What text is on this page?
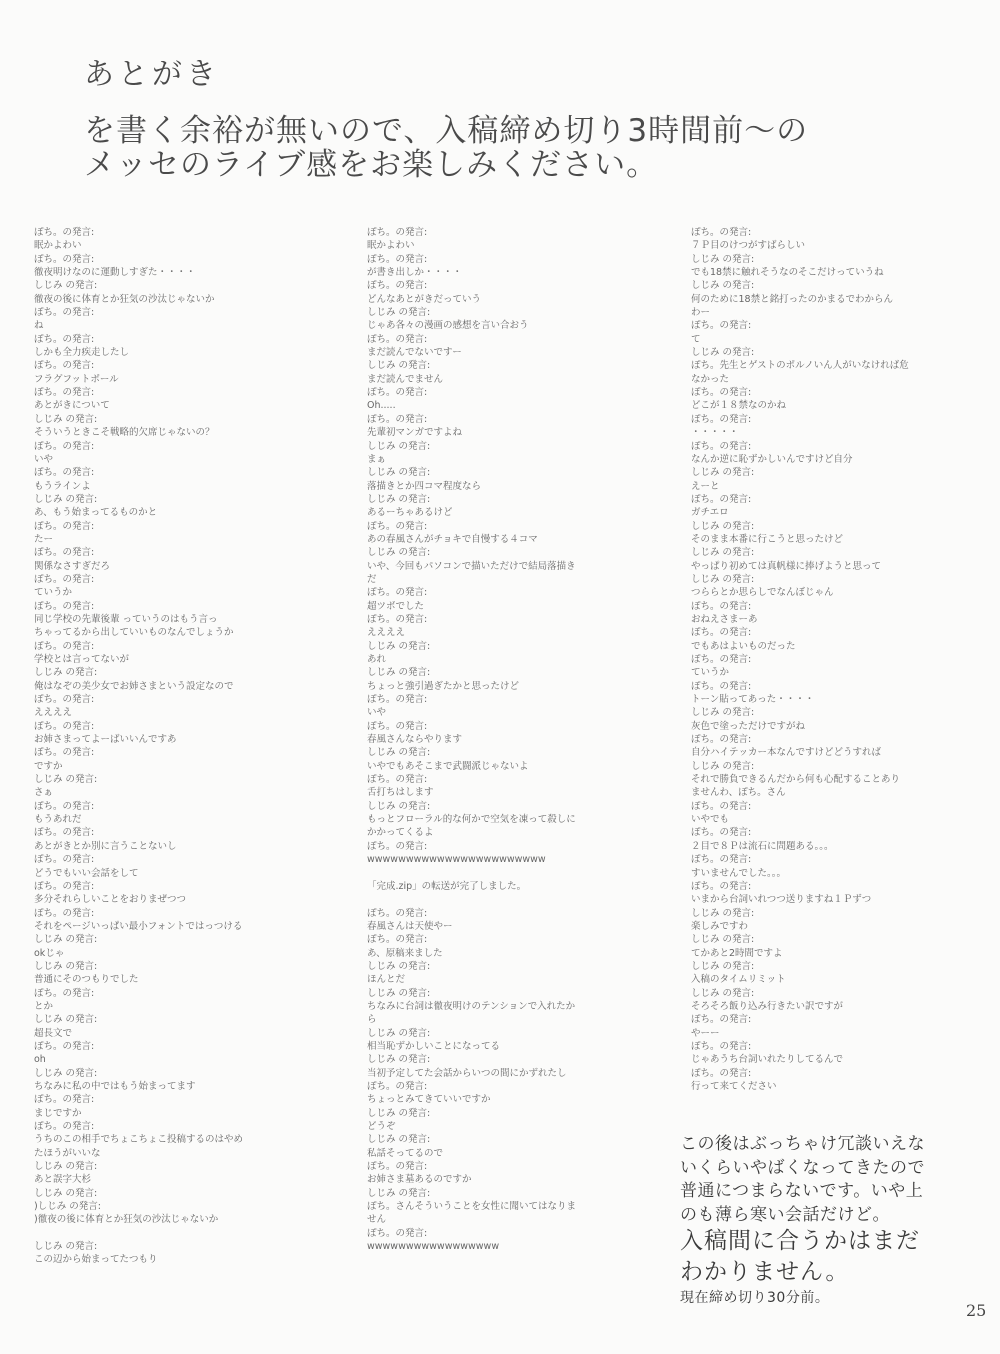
あとがき
を書く余裕が無いので、入稿締め切り3時間前～の
メッセのライブ感をお楽しみください。
ぽち。の発言:
眠かよわい
ぽち。の発言:
徹夜明けなのに運動しすぎた・・・・
しじみ の発言:
徹夜の後に体育とか狂気の沙汰じゃないか
ぽち。の発言:
ね
ぽち。の発言:
しかも全力疾走したし
ぽち。の発言:
フラグフットボール
ぽち。の発言:
あとがきについて
しじみ の発言:
そういうときこそ戦略的欠席じゃないの？
ぽち。の発言:
いや
ぽち。の発言:
もうラインよ
しじみ の発言:
あ、もう始まってるものかと
ぽち。の発言:
たー
ぽち。の発言:
関係なさすぎだろ
ぽち。の発言:
ていうか
ぽち。の発言:
同じ学校の先輩後輩 っていうのはもう言っ
ちゃってるから出していいものなんでしょうか
ぽち。の発言:
学校とは言ってないが
しじみ の発言:
俺はなぞの美少女でお姉さまという設定なので
ぽち。の発言:
ええええ
ぽち。の発言:
お姉さまってよーばいいんですあ
ぽち。の発言:
ですか
しじみ の発言:
さぁ
ぽち。の発言:
もうあれだ
ぽち。の発言:
あとがきとか別に言うことないし
ぽち。の発言:
どうでもいい会話をして
ぽち。の発言:
多分それらしいことをおりまぜつつ
ぽち。の発言:
それをページいっぱい最小フォントではっつける
しじみ の発言:
okじゃ
しじみ の発言:
普通にそのつもりでした
ぽち。の発言:
とか
しじみ の発言:
超長文で
ぽち。の発言:
oh
しじみ の発言:
ちなみに私の中ではもう始まってます
ぽち。の発言:
まじですか
ぽち。の発言:
うちのこの相手でちょこちょこ投稿するのはやめ
たほうがいいな
しじみ の発言:
あと誤字大杉
しじみ の発言:
)しじみ の発言:
)徹夜の後に体育とか狂気の沙汰じゃないか

しじみ の発言:
この辺から始まってたつもり
ぽち。の発言:
眠かよわい
ぽち。の発言:
が書き出しか・・・・
ぽち。の発言:
どんなあとがきだっていう
しじみ の発言:
じゃあ各々の漫画の感想を言い合おう
ぽち。の発言:
まだ読んでないですー
しじみ の発言:
まだ読んでません
ぽち。の発言:
Oh.....
ぽち。の発言:
先輩初マンガですよね
しじみ の発言:
まぁ
しじみ の発言:
落描きとか四コマ程度なら
しじみ の発言:
あるーちゃあるけど
ぽち。の発言:
あの春風さんがチョキで自慢する４コマ
しじみ の発言:
いや、今回もパソコンで描いただけで結局落描き
だ
ぽち。の発言:
超ツボでした
ぽち。の発言:
ええええ
しじみ の発言:
あれ
しじみ の発言:
ちょっと強引過ぎたかと思ったけど
ぽち。の発言:
いや
ぽち。の発言:
春風さんならやります
しじみ の発言:
いやでもあそこまで武闘派じゃないよ
ぽち。の発言:
舌打ちはします
しじみ の発言:
もっとフローラル的な何かで空気を凍って殺しに
かかってくるよ
ぽち。の発言:
wwwwwwwwwwwwwwwwwwwwwww

「完成.zip」の転送が完了しました。

ぽち。の発言:
春風さんは天使やー
ぽち。の発言:
あ、原稿来ました
しじみ の発言:
ほんとだ
しじみ の発言:
ちなみに台詞は徹夜明けのテンションで入れたか
ら
しじみ の発言:
相当恥ずかしいことになってる
しじみ の発言:
当初予定してた会話からいつの間にかずれたし
ぽち。の発言:
ちょっとみてきていいですか
しじみ の発言:
どうぞ
しじみ の発言:
私話そってるので
ぽち。の発言:
お姉さま墓あるのですか
しじみ の発言:
ぽち。さんそういうことを女性に聞いてはなりま
せん
ぽち。の発言:
wwwwwwwwwwwwwwwww
ぽち。の発言:
７Ｐ目のけつがすばらしい
しじみ の発言:
でも18禁に触れそうなのそこだけっていうね
しじみ の発言:
何のために18禁と銘打ったのかまるでわからん
わー
ぽち。の発言:
て
しじみ の発言:
ぽち。先生とゲストのポルノいん人がいなければ危
なかった
ぽち。の発言:
どこが１８禁なのかね
ぽち。の発言:
・・・・・
ぽち。の発言:
なんか逆に恥ずかしいんですけど自分
しじみ の発言:
えーと
ぽち。の発言:
ガチエロ
しじみ の発言:
そのまま本番に行こうと思ったけど
しじみ の発言:
やっぱり初めては真帆様に捧げようと思って
しじみ の発言:
つららとか思らしでなんぼじゃん
ぽち。の発言:
おねえさまーあ
ぽち。の発言:
でもあはよいものだった
ぽち。の発言:
ていうか
ぽち。の発言:
トーン貼ってあった・・・・
しじみ の発言:
灰色で塗っただけですがね
ぽち。の発言:
自分ハイテッカー本なんですけどどうすれば
しじみ の発言:
それで勝負できるんだから何も心配することあり
ませんわ、ぽち。さん
ぽち。の発言:
いやでも
ぽち。の発言:
２目で８Ｐは流石に問題ある。。。
ぽち。の発言:
すいませんでした。。。
ぽち。の発言:
いまから台詞いれつつ送りますね１Ｐずつ
しじみ の発言:
楽しみですわ
しじみ の発言:
てかあと2時間ですよ
しじみ の発言:
入稿のタイムリミット
しじみ の発言:
そろそろ飯り込み行きたい訳ですが
ぽち。の発言:
やーー
ぽち。の発言:
じゃあうち台詞いれたりしてるんで
ぽち。の発言:
行って来てください
この後はぶっちゃけ冗談いえな
いくらいやばくなってきたので
普通につまらないです。いや上
のも薄ら寒い会話だけど。
入稿間に合うかはまだ
わかりません。
現在締め切り30分前。
25
